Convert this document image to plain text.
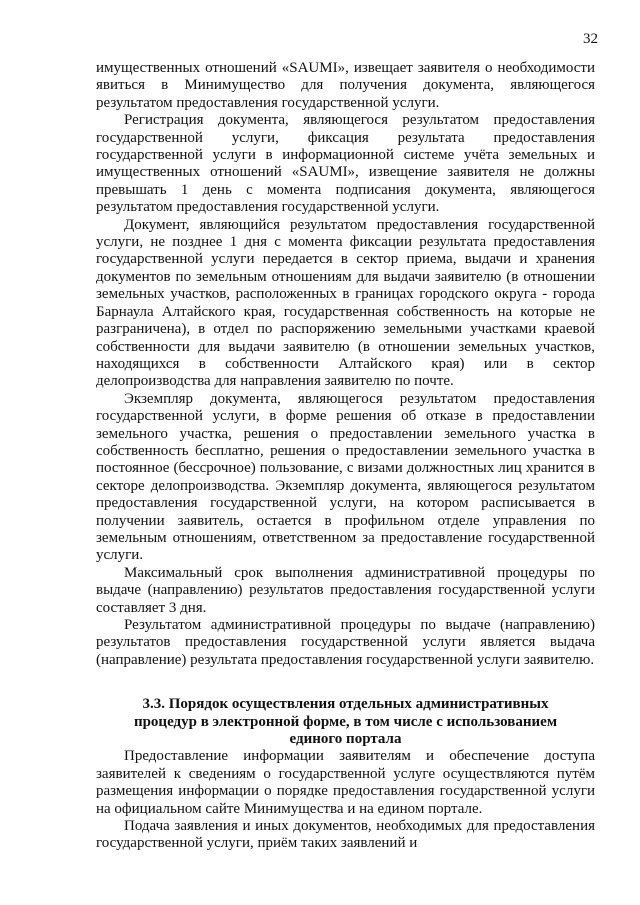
32

имущественных отношений «SAUMI», извещает заявителя о необходимости явиться в Минимущество для получения документа, являющегося результатом предоставления государственной услуги.

Регистрация документа, являющегося результатом предоставления государственной услуги, фиксация результата предоставления государственной услуги в информационной системе учёта земельных и имущественных отношений «SAUMI», извещение заявителя не должны превышать 1 день с момента подписания документа, являющегося результатом предоставления государственной услуги.

Документ, являющийся результатом предоставления государственной услуги, не позднее 1 дня с момента фиксации результата предоставления государственной услуги передается в сектор приема, выдачи и хранения документов по земельным отношениям для выдачи заявителю (в отношении земельных участков, расположенных в границах городского округа - города Барнаула Алтайского края, государственная собственность на которые не разграничена), в отдел по распоряжению земельными участками краевой собственности для выдачи заявителю (в отношении земельных участков, находящихся в собственности Алтайского края) или в сектор делопроизводства для направления заявителю по почте.

Экземпляр документа, являющегося результатом предоставления государственной услуги, в форме решения об отказе в предоставлении земельного участка, решения о предоставлении земельного участка в собственность бесплатно, решения о предоставлении земельного участка в постоянное (бессрочное) пользование, с визами должностных лиц хранится в секторе делопроизводства. Экземпляр документа, являющегося результатом предоставления государственной услуги, на котором расписывается в получении заявитель, остается в профильном отделе управления по земельным отношениям, ответственном за предоставление государственной услуги.

Максимальный срок выполнения административной процедуры по выдаче (направлению) результатов предоставления государственной услуги составляет 3 дня.

Результатом административной процедуры по выдаче (направлению) результатов предоставления государственной услуги является выдача (направление) результата предоставления государственной услуги заявителю.

3.3. Порядок осуществления отдельных административных процедур в электронной форме, в том числе с использованием единого портала

Предоставление информации заявителям и обеспечение доступа заявителей к сведениям о государственной услуге осуществляются путём размещения информации о порядке предоставления государственной услуги на официальном сайте Минимущества и на едином портале.

Подача заявления и иных документов, необходимых для предоставления государственной услуги, приём таких заявлений и
